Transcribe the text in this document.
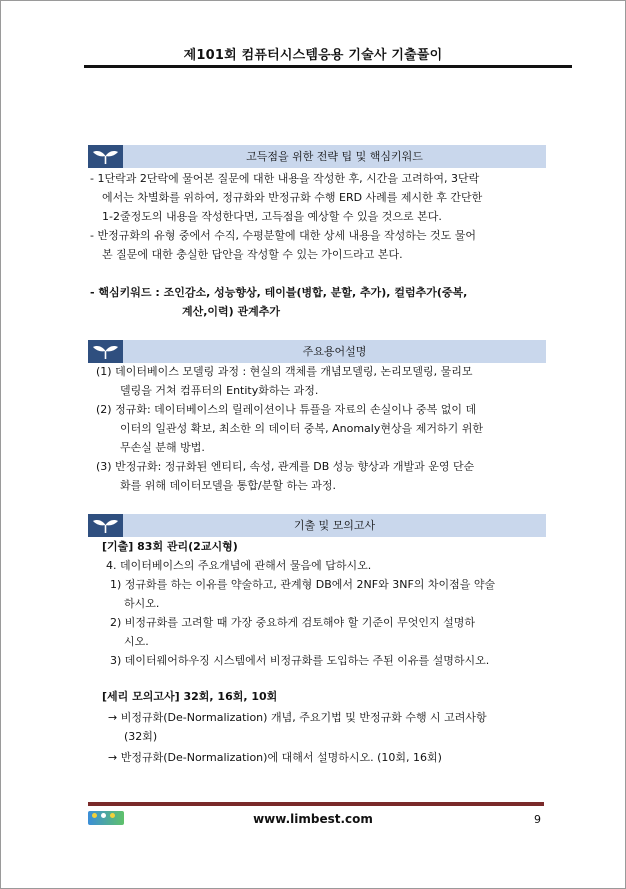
제101회 컴퓨터시스템응용 기술사 기출풀이
고득점을 위한 전략 팁 및 핵심키워드
- 1단락과 2단락에 물어본 질문에 대한 내용을 작성한 후, 시간을 고려하여, 3단락
에서는 차별화를 위하여, 정규화와 반정규화 수행 ERD 사례를 제시한 후 간단한
1-2줄정도의 내용을 작성한다면, 고득점을 예상할 수 있을 것으로 본다.
- 반정규화의 유형 중에서 수직, 수평분할에 대한 상세 내용을 작성하는 것도 물어
본 질문에 대한 충실한 답안을 작성할 수 있는 가이드라고 본다.
- 핵심키워드 : 조인감소, 성능향상, 테이블(병합, 분할, 추가), 컬럼추가(중복,
계산,이력) 관계추가
주요용어설명
(1) 데이터베이스 모델링 과정 : 현실의 객체를 개념모델링, 논리모델링, 물리모
델링을 거쳐 컴퓨터의 Entity화하는 과정.
(2) 정규화: 데이터베이스의 릴레이션이나 튜플을 자료의 손실이나 중복 없이 데
이터의 일관성 확보, 최소한 의 데이터 중복, Anomaly현상을 제거하기 위한
무손실 분해 방법.
(3) 반정규화: 정규화된 엔티티, 속성, 관계를 DB 성능 향상과 개발과 운영 단순
화를 위해 데이터모델을 통합/분할 하는 과정.
기출 및 모의고사
[기출] 83회 관리(2교시형)
4. 데이터베이스의 주요개념에 관해서 물음에 답하시오.
1) 정규화를 하는 이유를 약술하고, 관계형 DB에서 2NF와 3NF의 차이점을 약술
하시오.
2) 비정규화를 고려할 때 가장 중요하게 검토해야 할 기준이 무엇인지 설명하
시오.
3) 데이터웨어하우징 시스템에서 비정규화를 도입하는 주된 이유를 설명하시오.
[세리 모의고사] 32회, 16회, 10회
→ 비정규화(De-Normalization) 개념, 주요기법 및 반정규화 수행 시 고려사항
(32회)
→ 반정규화(De-Normalization)에 대해서 설명하시오. (10회, 16회)
www.limbest.com	9
